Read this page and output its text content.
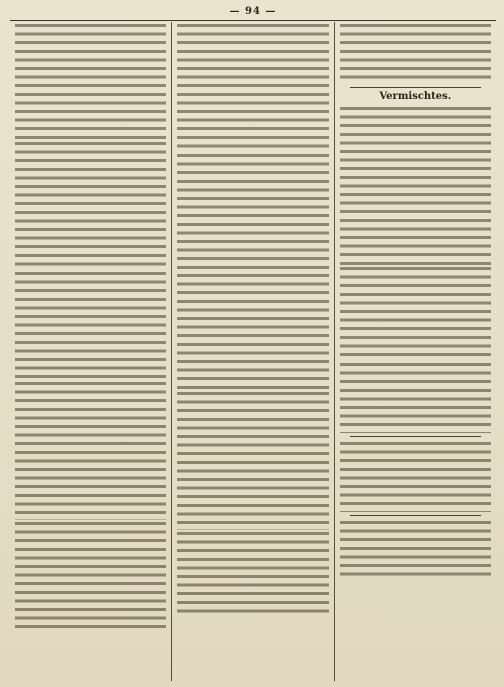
— 94 —
Vermischtes.
